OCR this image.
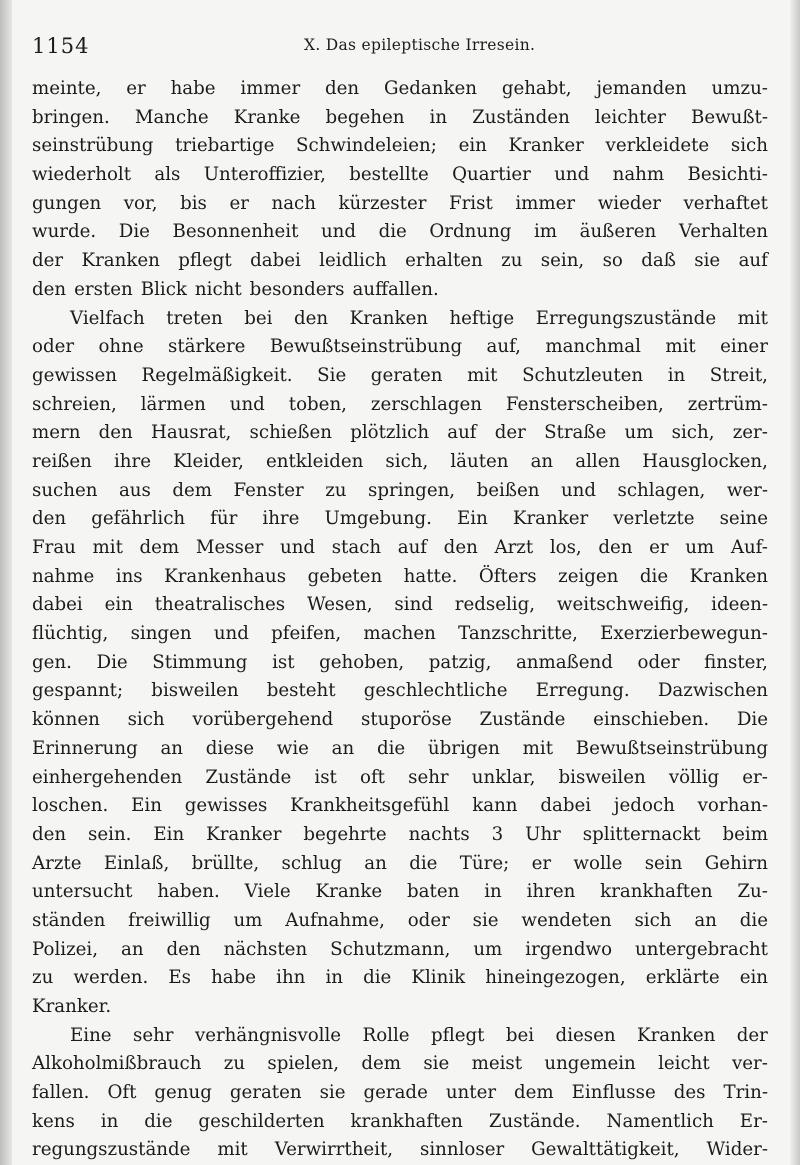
1154	X. Das epileptische Irresein.
meinte, er habe immer den Gedanken gehabt, jemanden umzu-
bringen. Manche Kranke begehen in Zuständen leichter Bewußt-
seinstrübung triebartige Schwindeleien; ein Kranker verkleidete sich
wiederholt als Unteroffizier, bestellte Quartier und nahm Besichti-
gungen vor, bis er nach kürzester Frist immer wieder verhaftet
wurde. Die Besonnenheit und die Ordnung im äußeren Verhalten
der Kranken pflegt dabei leidlich erhalten zu sein, so daß sie auf
den ersten Blick nicht besonders auffallen.
Vielfach treten bei den Kranken heftige Erregungszustände mit
oder ohne stärkere Bewußtseinstrübung auf, manchmal mit einer
gewissen Regelmäßigkeit. Sie geraten mit Schutzleuten in Streit,
schreien, lärmen und toben, zerschlagen Fensterscheiben, zertrüm-
mern den Hausrat, schießen plötzlich auf der Straße um sich, zer-
reißen ihre Kleider, entkleiden sich, läuten an allen Hausglocken,
suchen aus dem Fenster zu springen, beißen und schlagen, wer-
den gefährlich für ihre Umgebung. Ein Kranker verletzte seine
Frau mit dem Messer und stach auf den Arzt los, den er um Auf-
nahme ins Krankenhaus gebeten hatte. Öfters zeigen die Kranken
dabei ein theatralisches Wesen, sind redselig, weitschweifig, ideen-
flüchtig, singen und pfeifen, machen Tanzschritte, Exerzierbewegun-
gen. Die Stimmung ist gehoben, patzig, anmaßend oder finster,
gespannt; bisweilen besteht geschlechtliche Erregung. Dazwischen
können sich vorübergehend stuporöse Zustände einschieben. Die
Erinnerung an diese wie an die übrigen mit Bewußtseinstrübung
einhergehenden Zustände ist oft sehr unklar, bisweilen völlig er-
loschen. Ein gewisses Krankheitsgefühl kann dabei jedoch vorhan-
den sein. Ein Kranker begehrte nachts 3 Uhr splitternackt beim
Arzte Einlaß, brüllte, schlug an die Türe; er wolle sein Gehirn
untersucht haben. Viele Kranke baten in ihren krankhaften Zu-
ständen freiwillig um Aufnahme, oder sie wendeten sich an die
Polizei, an den nächsten Schutzmann, um irgendwo untergebracht
zu werden. Es habe ihn in die Klinik hineingezogen, erklärte ein
Kranker.
Eine sehr verhängnisvolle Rolle pflegt bei diesen Kranken der
Alkoholmißbrauch zu spielen, dem sie meist ungemein leicht ver-
fallen. Oft genug geraten sie gerade unter dem Einflusse des Trin-
kens in die geschilderten krankhaften Zustände. Namentlich Er-
regungszustände mit Verwirrtheit, sinnloser Gewalttätigkeit, Wider-
